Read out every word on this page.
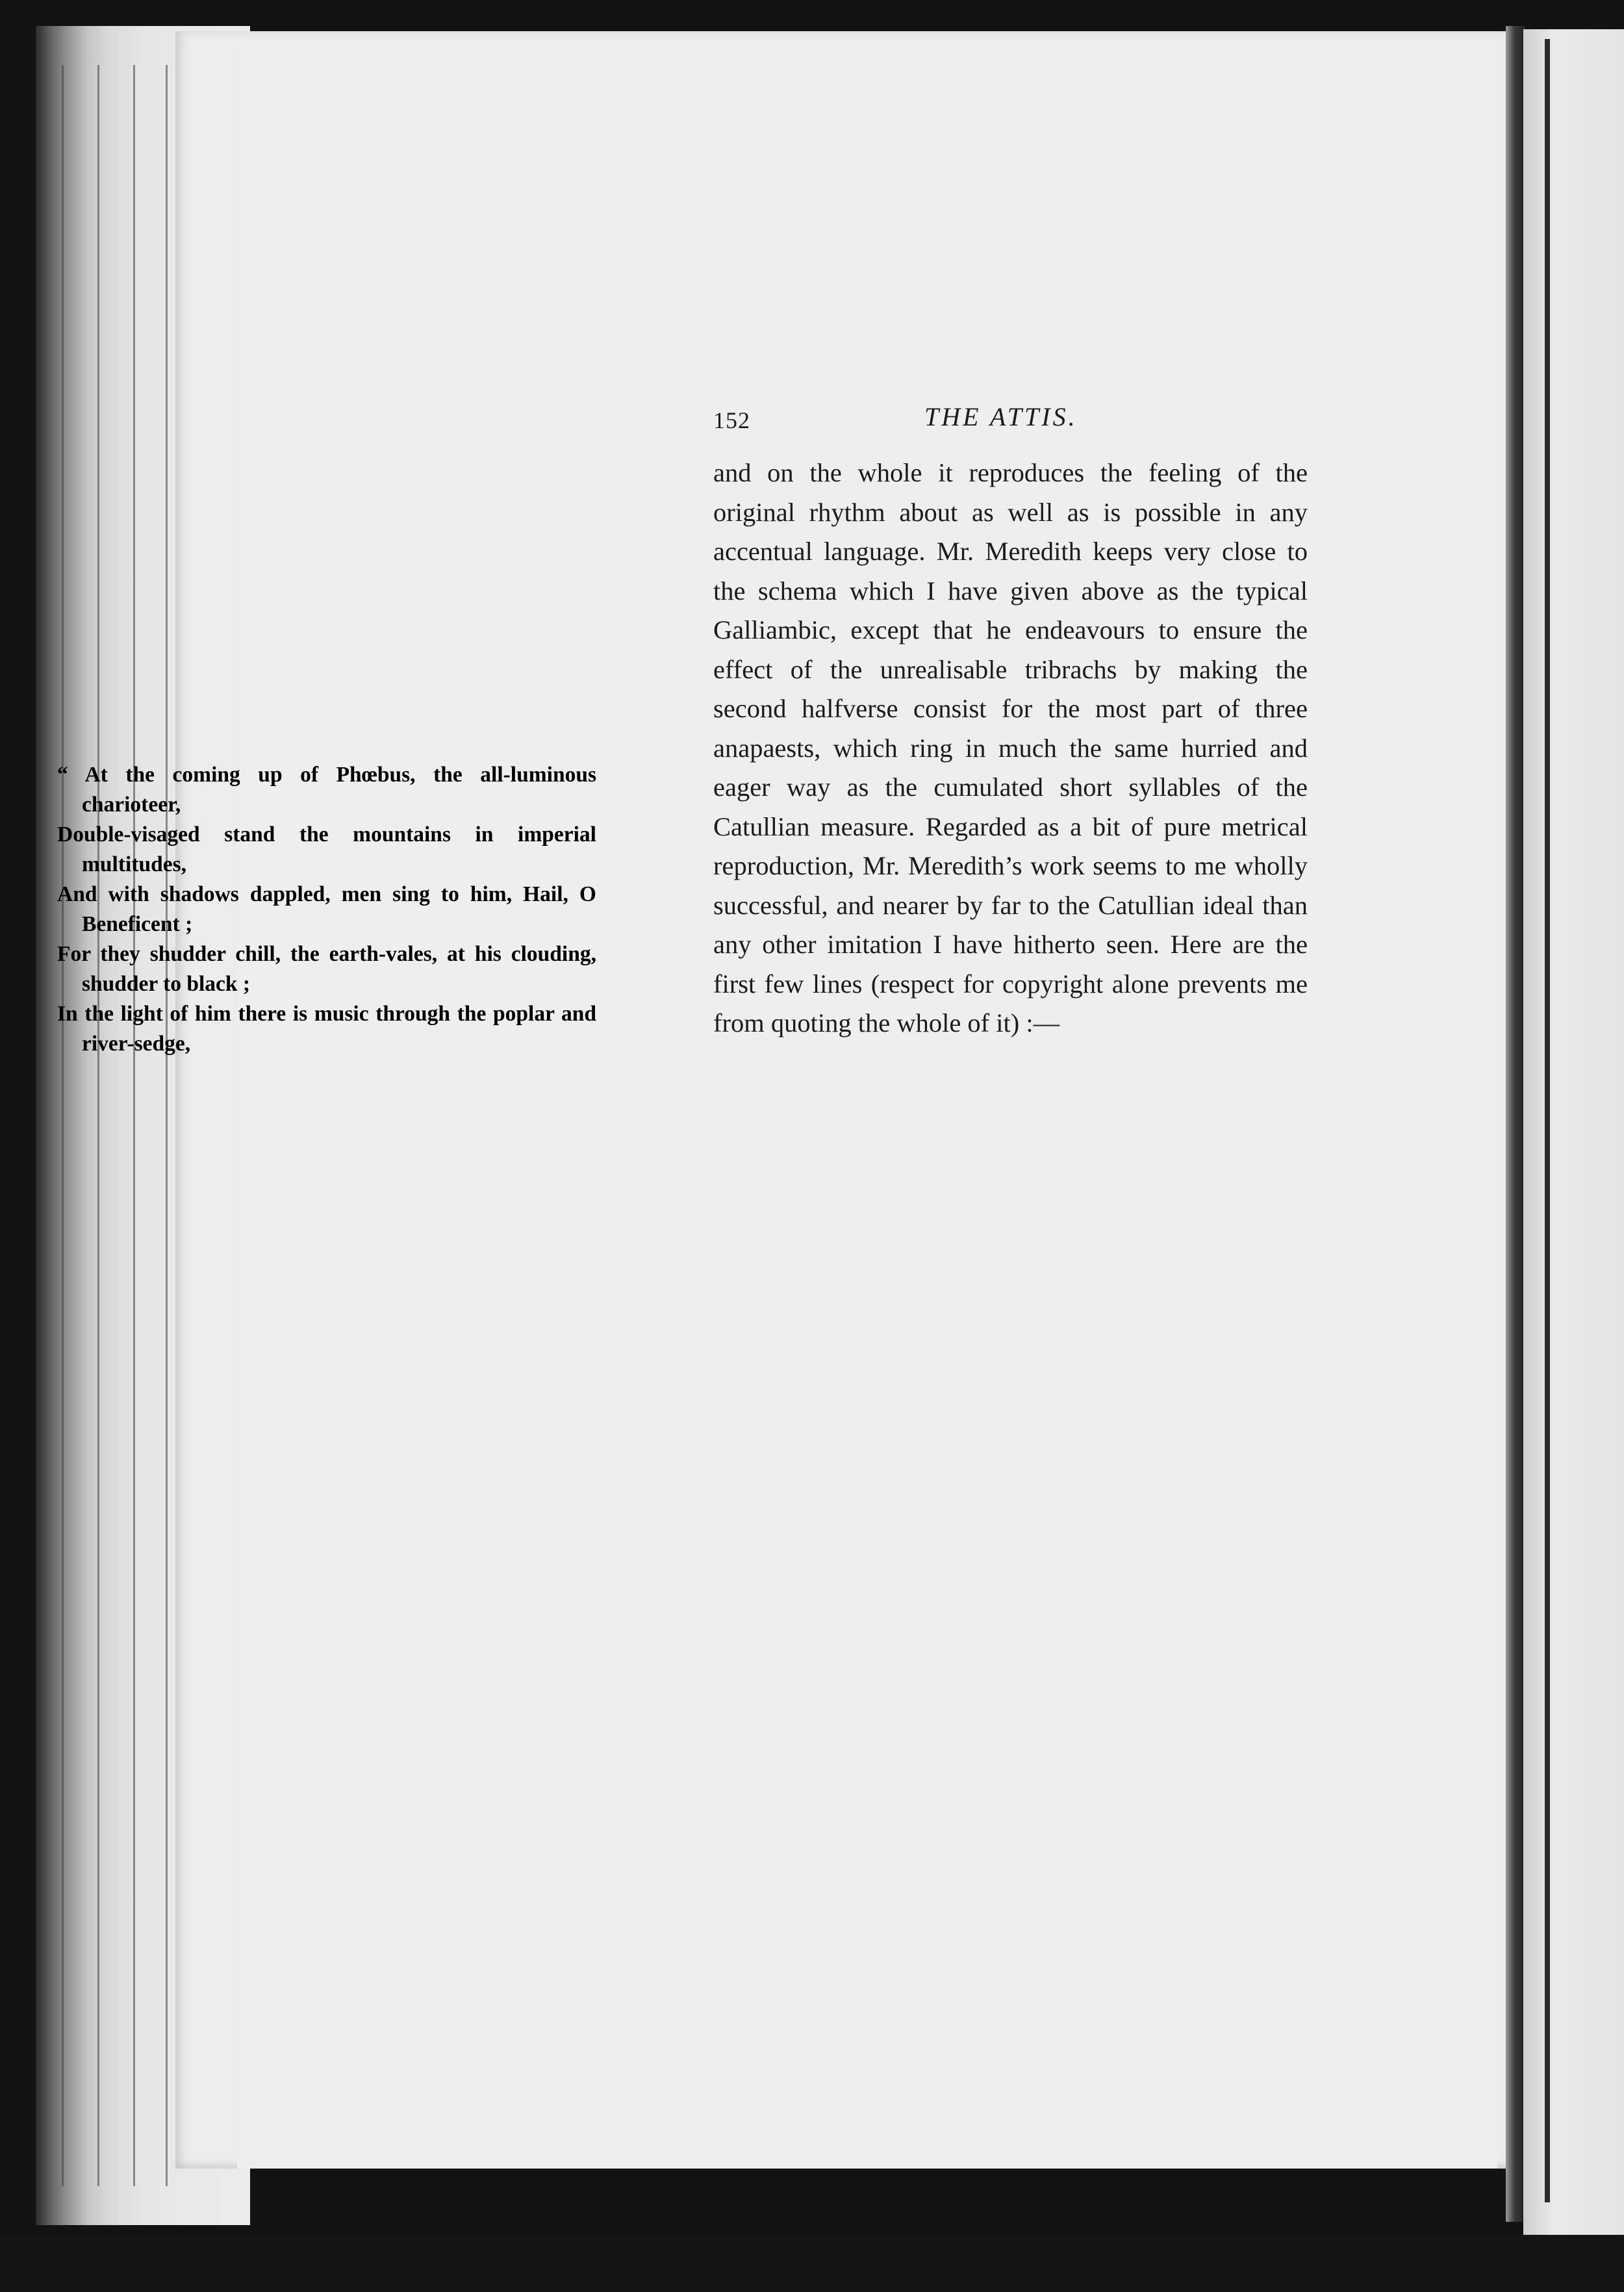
152	THE ATTIS.

and on the whole it reproduces the feeling of the original rhythm about as well as is possible in any accentual language. Mr. Meredith keeps very close to the schema which I have given above as the typical Galliambic, except that he endeavours to ensure the effect of the unrealisable tribrachs by making the second halfverse consist for the most part of three anapaests, which ring in much the same hurried and eager way as the cumulated short syllables of the Catullian measure. Regarded as a bit of pure metrical reproduction, Mr. Meredith’s work seems to me wholly successful, and nearer by far to the Catullian ideal than any other imitation I have hitherto seen. Here are the first few lines (respect for copyright alone prevents me from quoting the whole of it) :—

“ At the coming up of Phœbus, the all-luminous charioteer,
Double-visaged stand the mountains in imperial multitudes,
And with shadows dappled, men sing to him, Hail, O Beneficent ;
For they shudder chill, the earth-vales, at his clouding, shudder to black ;
In the light of him there is music through the poplar and river-sedge,
